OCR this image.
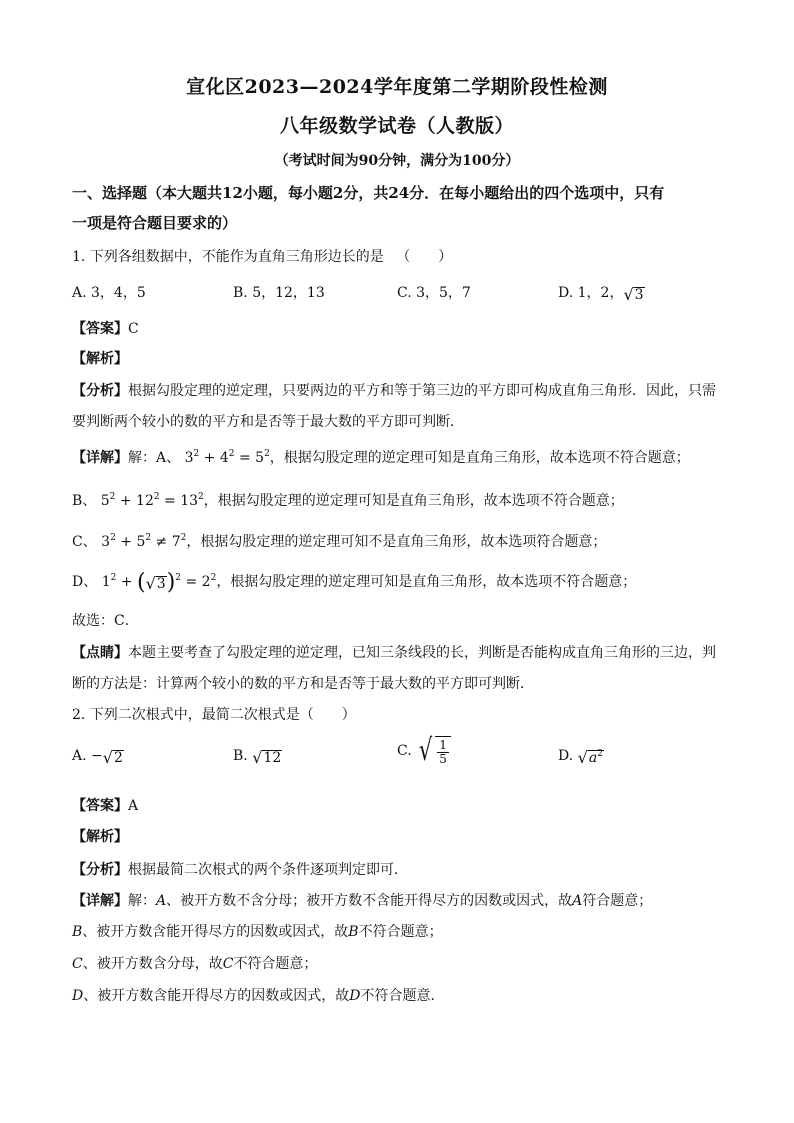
宣化区2023—2024学年度第二学期阶段性检测
八年级数学试卷（人教版）
（考试时间为90分钟，满分为100分）
一、选择题（本大题共12小题，每小题2分，共24分．在每小题给出的四个选项中，只有
一项是符合题目要求的）
1. 下列各组数据中，不能作为直角三角形边长的是 （　　）
A. 3，4，5	B. 5，12，13	C. 3，5，7	D. 1，2， √ 3
【答案】C
【解析】
【分析】根据勾股定理的逆定理，只要两边的平方和等于第三边的平方即可构成直角三角形．因此，只需
要判断两个较小的数的平方和是否等于最大数的平方即可判断．
【详解】解：A、 $3^2 + 4^2 = 5^2$，根据勾股定理的逆定理可知是直角三角形，故本选项不符合题意；
B、 $5^2 + 12^2 = 13^2$，根据勾股定理的逆定理可知是直角三角形，故本选项不符合题意；
C、 $3^2 + 5^2 \ne 7^2$，根据勾股定理的逆定理可知不是直角三角形，故本选项符合题意；
D、 $1^2$ + ( √ 3 )$^2 = 2^2$，根据勾股定理的逆定理可知是直角三角形，故本选项不符合题意；
故选：C．
【点睛】本题主要考查了勾股定理的逆定理，已知三条线段的长，判断是否能构成直角三角形的三边，判
断的方法是：计算两个较小的数的平方和是否等于最大数的平方即可判断．
2. 下列二次根式中，最简二次根式是（　　）
A. − √ 2	B. √ 12	C. √ $\frac{1}{5}$	D. √ $a^2$
【答案】A
【解析】
【分析】根据最简二次根式的两个条件逐项判定即可．
【详解】解：A、被开方数不含分母；被开方数不含能开得尽方的因数或因式，故A符合题意；
B、被开方数含能开得尽方的因数或因式，故B不符合题意；
C、被开方数含分母，故C不符合题意；
D、被开方数含能开得尽方的因数或因式，故D不符合题意．
